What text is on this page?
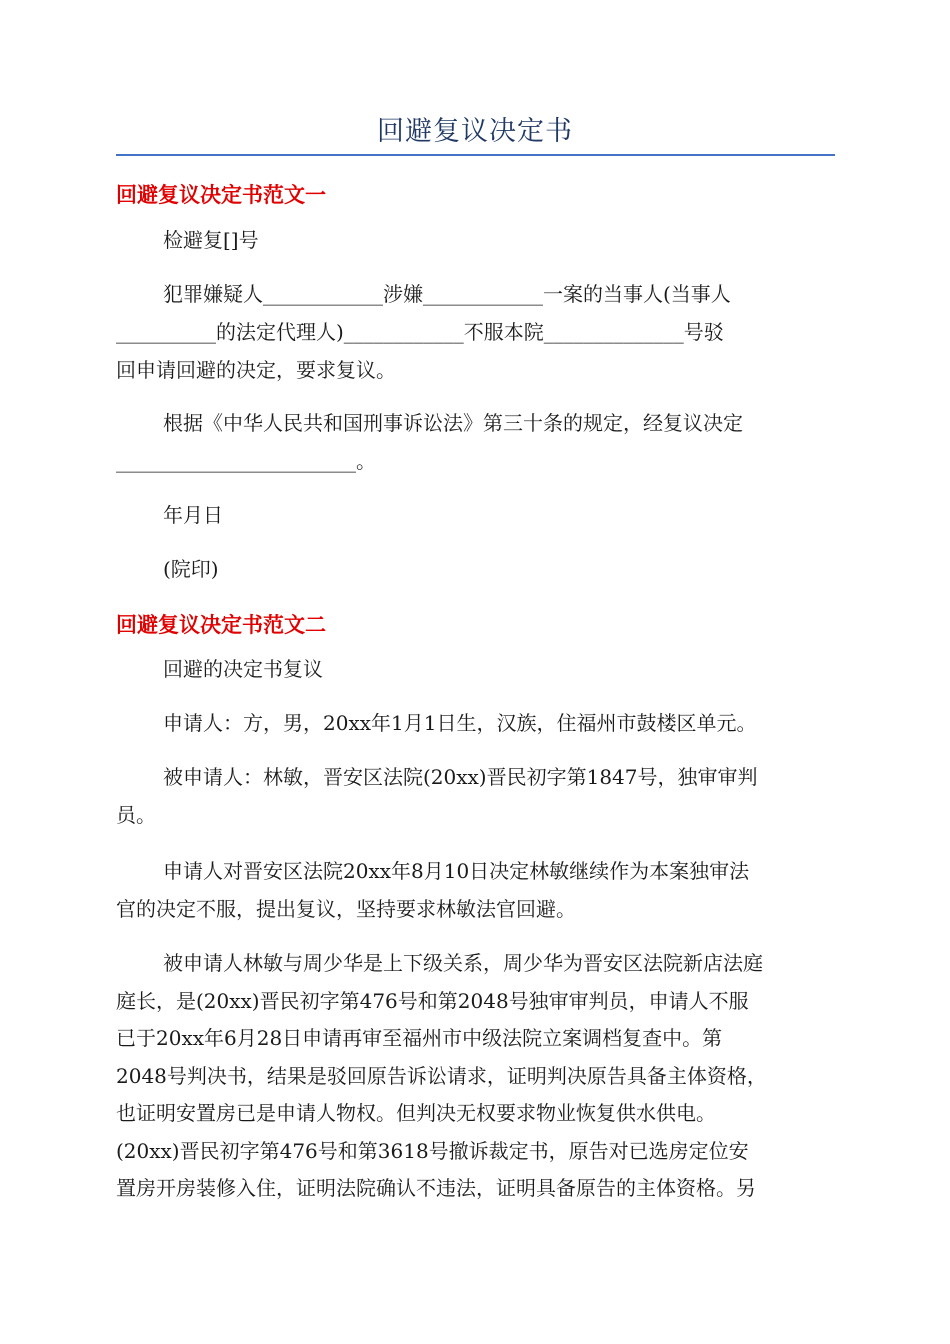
回避复议决定书
回避复议决定书范文一
检避复[]号
犯罪嫌疑人____________涉嫌____________一案的当事人(当事人
__________的法定代理人)____________不服本院______________号驳
回申请回避的决定，要求复议。
根据《中华人民共和国刑事诉讼法》第三十条的规定，经复议决定
________________________。
年月日
(院印)
回避复议决定书范文二
回避的决定书复议
申请人：方，男，20xx年1月1日生，汉族，住福州市鼓楼区单元。
被申请人：林敏，晋安区法院(20xx)晋民初字第1847号，独审审判
员。
申请人对晋安区法院20xx年8月10日决定林敏继续作为本案独审法
官的决定不服，提出复议，坚持要求林敏法官回避。
被申请人林敏与周少华是上下级关系，周少华为晋安区法院新店法庭
庭长，是(20xx)晋民初字第476号和第2048号独审审判员，申请人不服
已于20xx年6月28日申请再审至福州市中级法院立案调档复查中。第
2048号判决书，结果是驳回原告诉讼请求，证明判决原告具备主体资格，
也证明安置房已是申请人物权。但判决无权要求物业恢复供水供电。
(20xx)晋民初字第476号和第3618号撤诉裁定书，原告对已选房定位安
置房开房装修入住，证明法院确认不违法，证明具备原告的主体资格。另
